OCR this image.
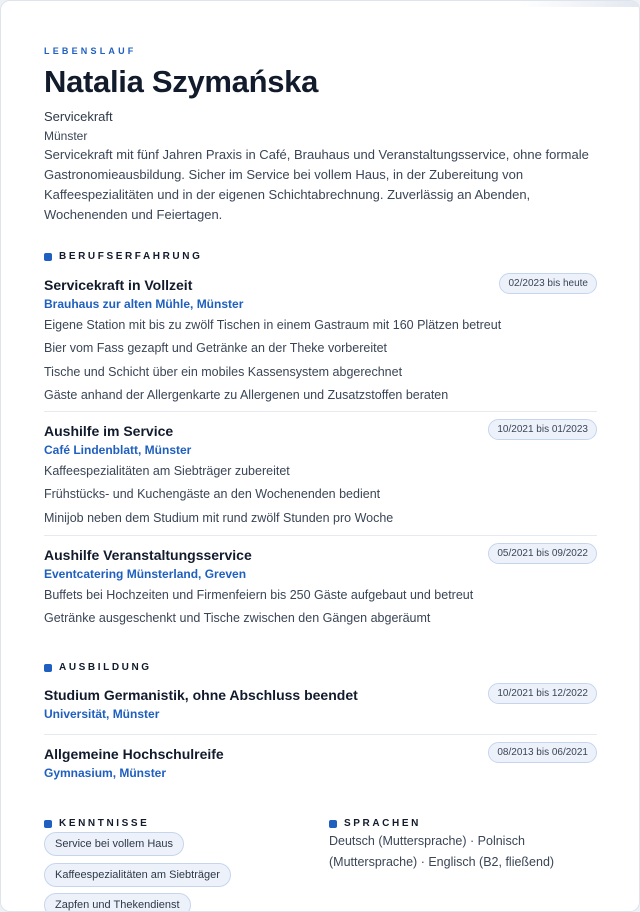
LEBENSLAUF
Natalia Szymańska
Servicekraft
Münster

Servicekraft mit fünf Jahren Praxis in Café, Brauhaus und Veranstaltungsservice, ohne formale Gastronomieausbildung. Sicher im Service bei vollem Haus, in der Zubereitung von Kaffeespezialitäten und in der eigenen Schichtabrechnung. Zuverlässig an Abenden, Wochenenden und Feiertagen.

BERUFSERFAHRUNG
Servicekraft in Vollzeit
Brauhaus zur alten Mühle, Münster
02/2023 bis heute
Eigene Station mit bis zu zwölf Tischen in einem Gastraum mit 160 Plätzen betreut
Bier vom Fass gezapft und Getränke an der Theke vorbereitet
Tische und Schicht über ein mobiles Kassensystem abgerechnet
Gäste anhand der Allergenkarte zu Allergenen und Zusatzstoffen beraten
Aushilfe im Service
Café Lindenblatt, Münster
10/2021 bis 01/2023
Kaffeespezialitäten am Siebträger zubereitet
Frühstücks- und Kuchengäste an den Wochenenden bedient
Minijob neben dem Studium mit rund zwölf Stunden pro Woche
Aushilfe Veranstaltungsservice
Eventcatering Münsterland, Greven
05/2021 bis 09/2022
Buffets bei Hochzeiten und Firmenfeiern bis 250 Gäste aufgebaut und betreut
Getränke ausgeschenkt und Tische zwischen den Gängen abgeräumt
AUSBILDUNG
Studium Germanistik, ohne Abschluss beendet
Universität, Münster
10/2021 bis 12/2022
Allgemeine Hochschulreife
Gymnasium, Münster
08/2013 bis 06/2021
KENNTNISSE
Service bei vollem Haus
Kaffeespezialitäten am Siebträger
Zapfen und Thekendienst
SPRACHEN

Deutsch (Muttersprache) · Polnisch (Muttersprache) · Englisch (B2, fließend)
